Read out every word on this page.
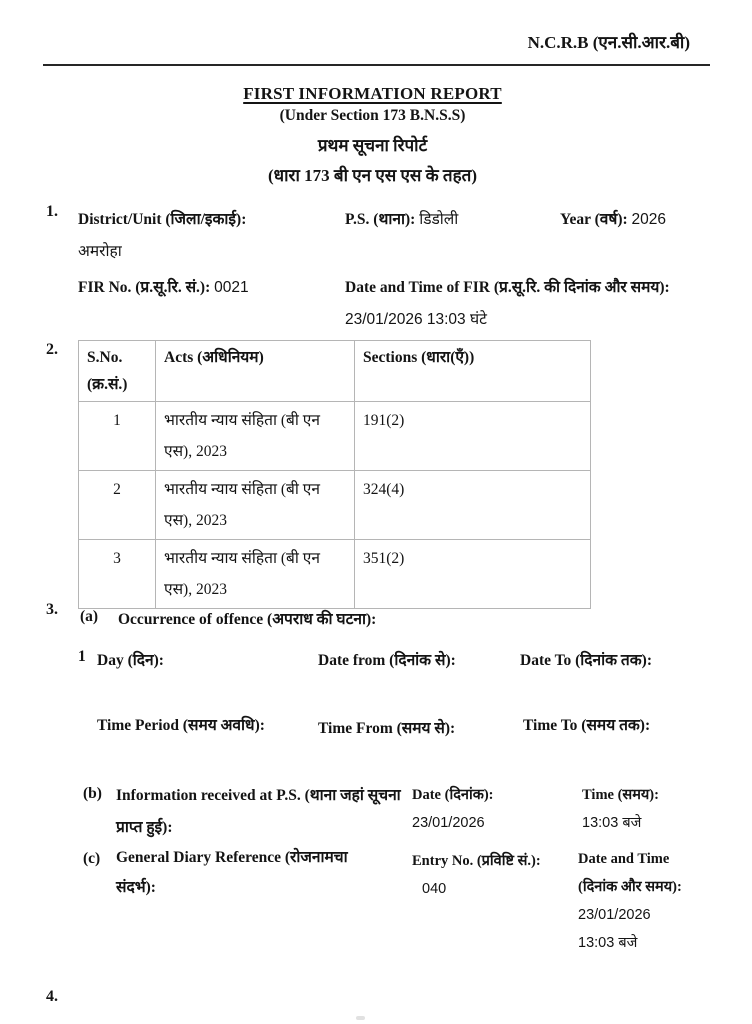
N.C.R.B (एन.सी.आर.बी)
FIRST INFORMATION REPORT
(Under Section 173 B.N.S.S)
प्रथम सूचना रिपोर्ट
(धारा 173 बी एन एस एस के तहत)
1. District/Unit (जिला/इकाई):
अमरोहा
P.S. (थाना): डिडोली	Year (वर्ष): 2026
FIR No. (प्र.सू.रि. सं.): 0021	Date and Time of FIR (प्र.सू.रि. की दिनांक और समय): 23/01/2026 13:03 घंटे
2. S.No. (क्र.सं.)	Acts (अधिनियम)	Sections (धारा(एँ))
1	भारतीय न्याय संहिता (बी एन एस), 2023	191(2)
2	भारतीय न्याय संहिता (बी एन एस), 2023	324(4)
3	भारतीय न्याय संहिता (बी एन एस), 2023	351(2)
3. (a) Occurrence of offence (अपराध की घटना):
1 Day (दिन):	Date from (दिनांक से):	Date To (दिनांक तक):
Time Period (समय अवधि):	Time From (समय से):	Time To (समय तक):
(b) Information received at P.S. (थाना जहां सूचना प्राप्त हुई):
Date (दिनांक):
23/01/2026
Time (समय):
13:03 बजे
(c) General Diary Reference (रोजनामचा संदर्भ):
Entry No. (प्रविष्टि सं.): 040
Date and Time (दिनांक और समय):
23/01/2026
13:03 बजे
4.
